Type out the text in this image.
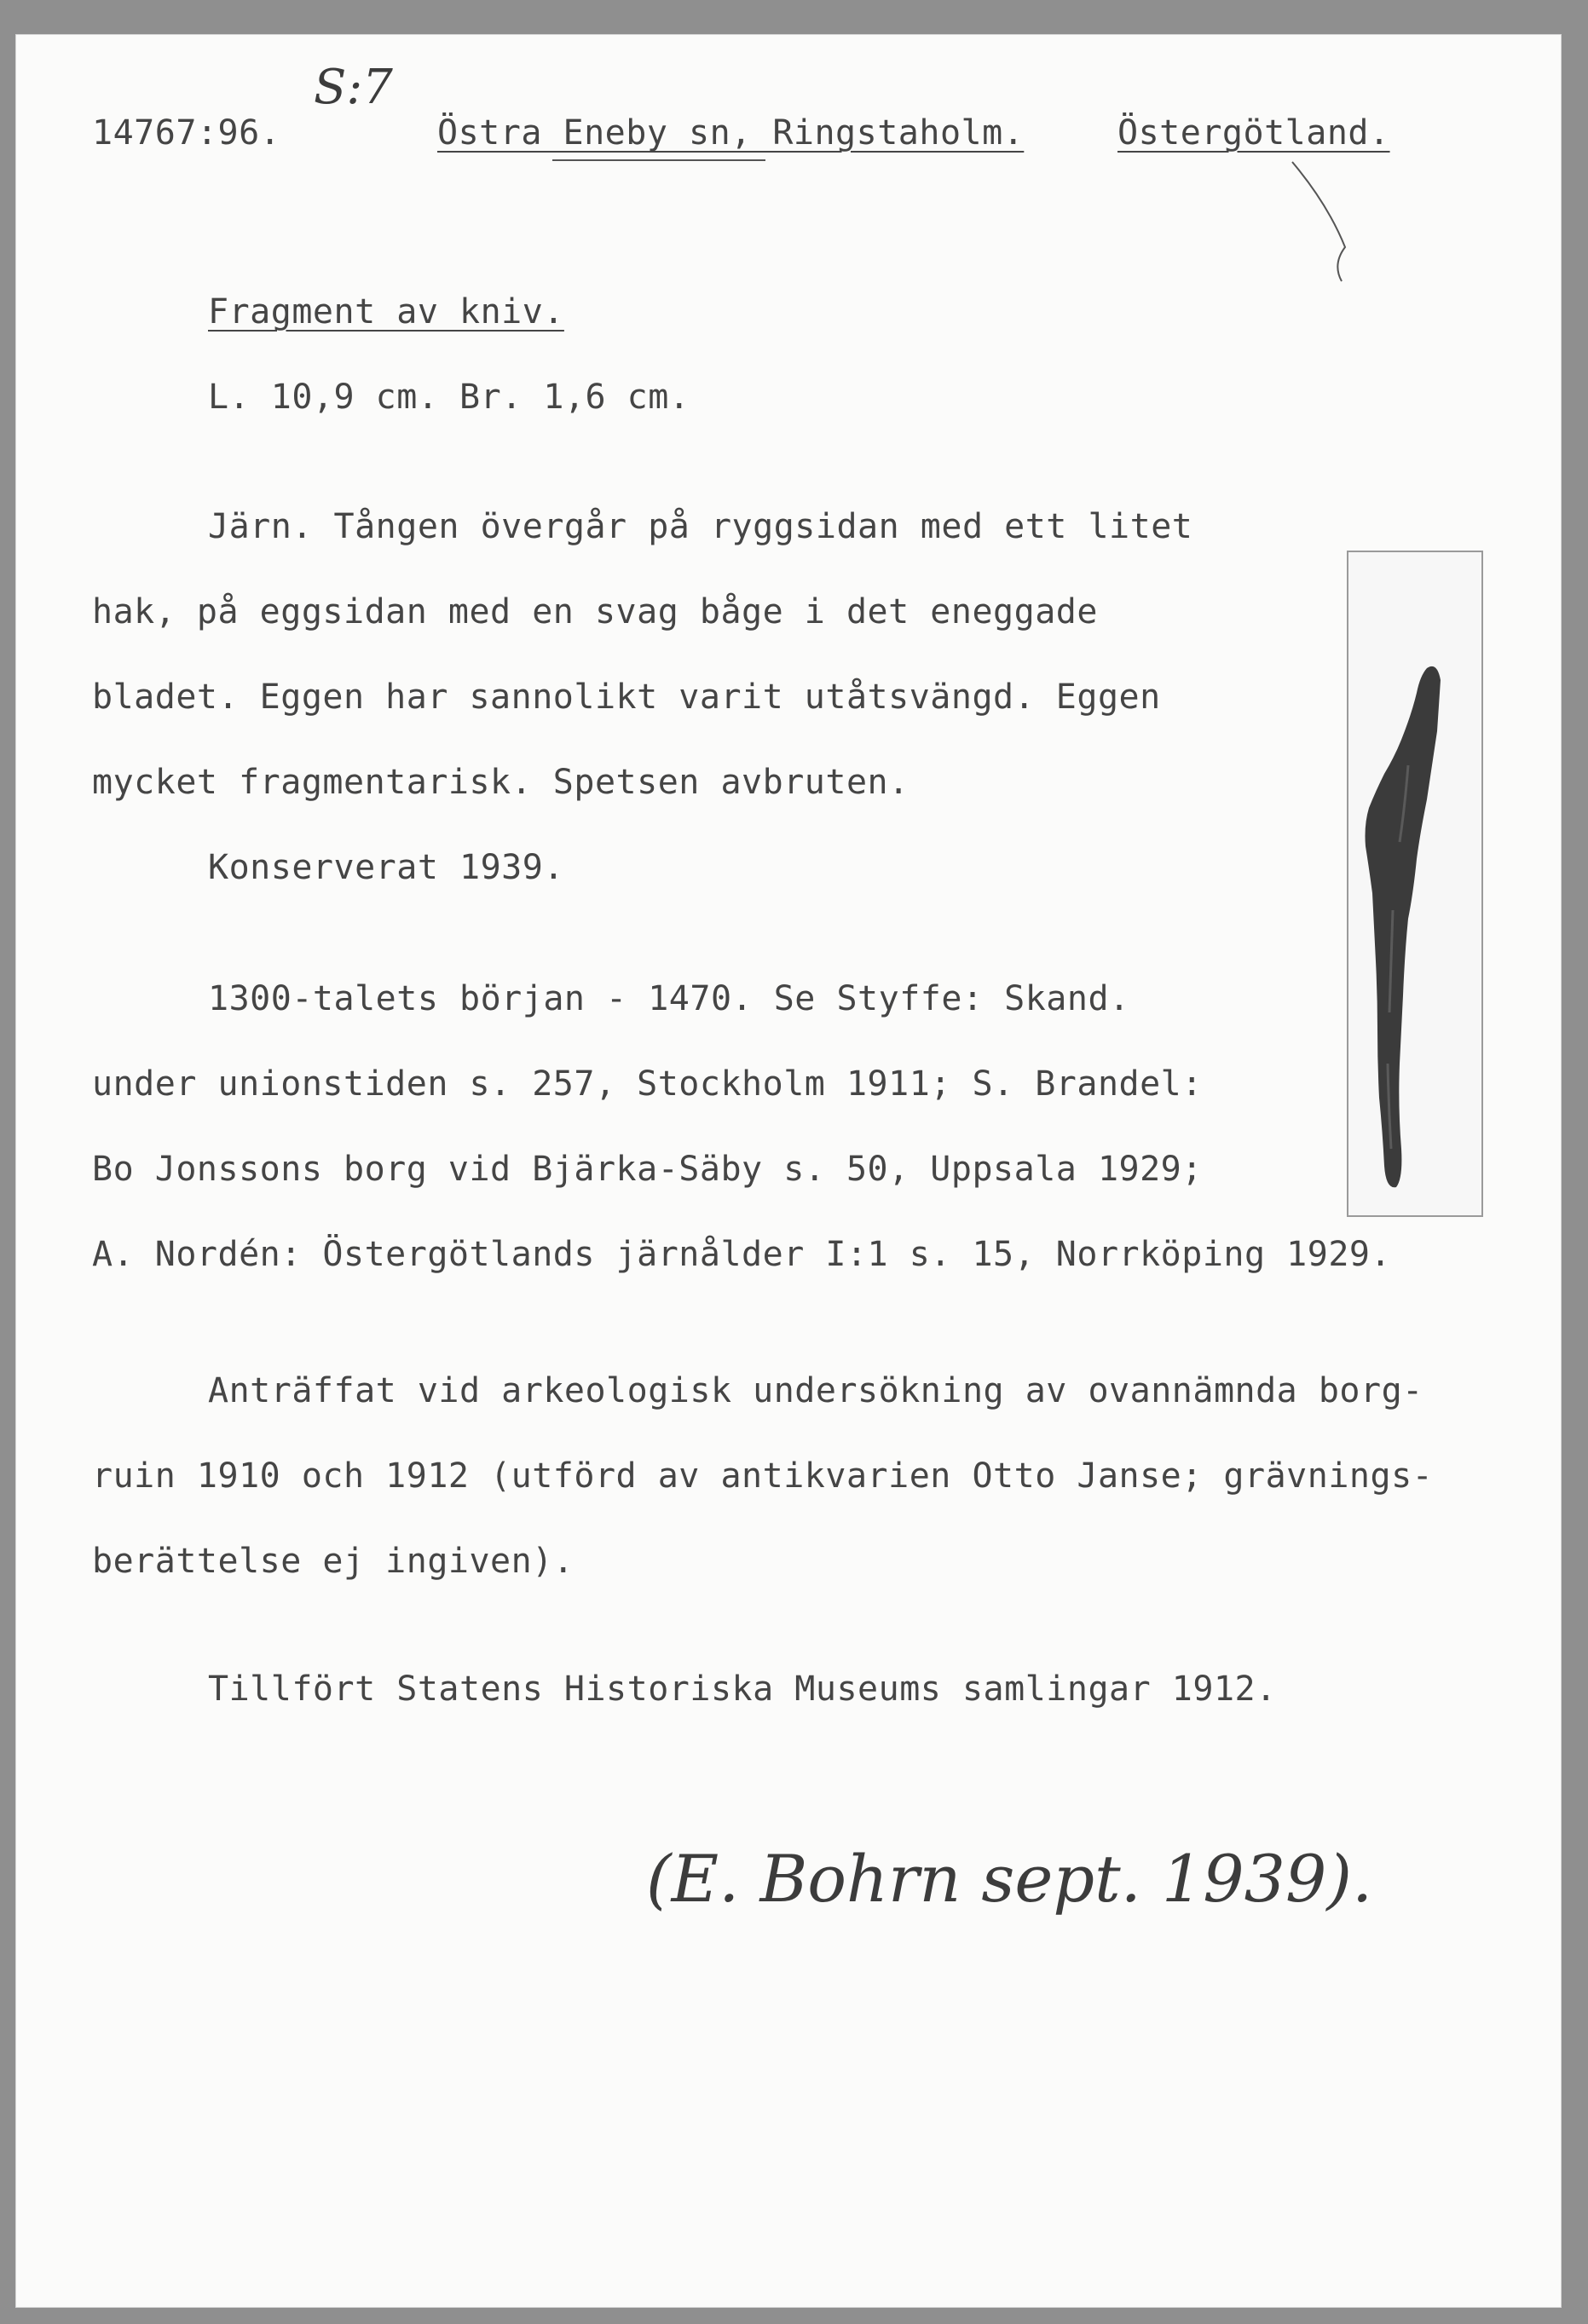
S:7
14767:96.	Östra Eneby sn, Ringstaholm.	Östergötland.
Fragment av kniv.
L. 10,9 cm. Br. 1,6 cm.
Järn. Tången övergår på ryggsidan med ett litet
hak, på eggsidan med en svag båge i det eneggade
bladet. Eggen har sannolikt varit utåtsvängd. Eggen
mycket fragmentarisk. Spetsen avbruten.
Konserverat 1939.
1300-talets början - 1470. Se Styffe: Skand.
under unionstiden s. 257, Stockholm 1911; S. Brandel:
Bo Jonssons borg vid Bjärka-Säby s. 50, Uppsala 1929;
A. Nordén: Östergötlands järnålder I:1 s. 15, Norrköping 1929.
Anträffat vid arkeologisk undersökning av ovannämnda borg-
ruin 1910 och 1912 (utförd av antikvarien Otto Janse; grävnings-
berättelse ej ingiven).
Tillfört Statens Historiska Museums samlingar 1912.
(E. Bohrn sept. 1939).
